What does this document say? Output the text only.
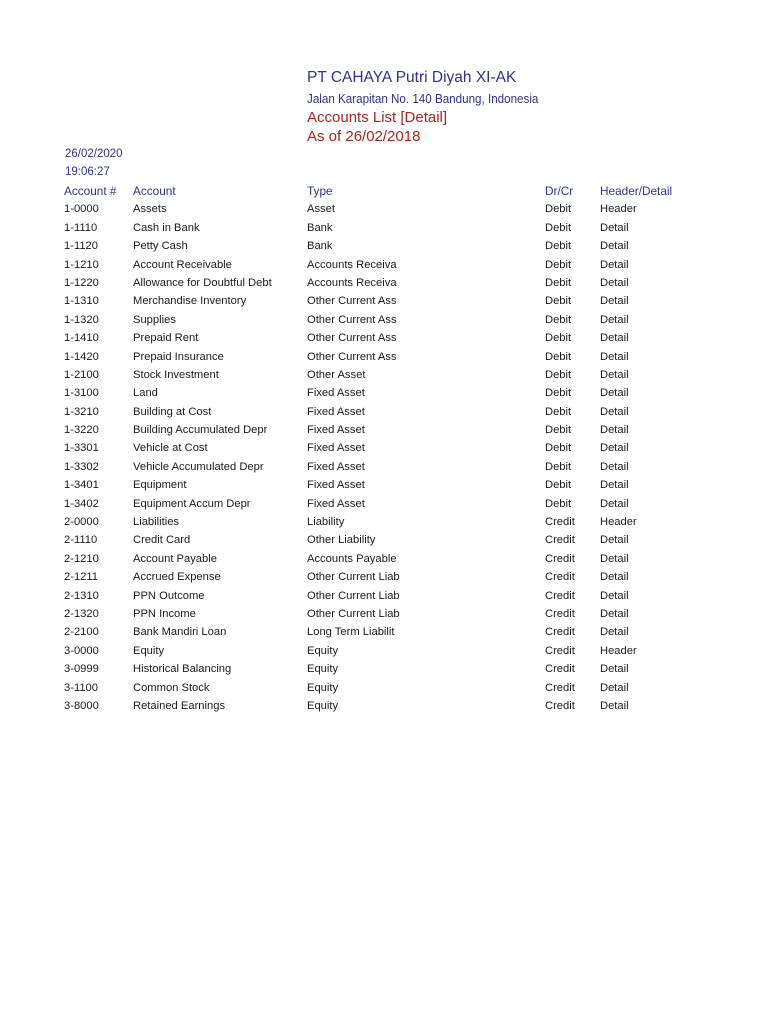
PT CAHAYA Putri Diyah XI-AK
Jalan Karapitan No. 140 Bandung, Indonesia
Accounts List [Detail]
As of 26/02/2018
26/02/2020
19:06:27
Account # Account	Type	Dr/Cr Header/Detail
1-0000	Assets	Asset	Debit	Header
1-1110	Cash in Bank	Bank	Debit	Detail
1-1120	Petty Cash	Bank	Debit	Detail
1-1210	Account Receivable	Accounts Receiva	Debit	Detail
1-1220	Allowance for Doubtful Debt	Accounts Receiva	Debit	Detail
1-1310	Merchandise Inventory	Other Current Ass	Debit	Detail
1-1320	Supplies	Other Current Ass	Debit	Detail
1-1410	Prepaid Rent	Other Current Ass	Debit	Detail
1-1420	Prepaid Insurance	Other Current Ass	Debit	Detail
1-2100	Stock Investment	Other Asset	Debit	Detail
1-3100	Land	Fixed Asset	Debit	Detail
1-3210	Building at Cost	Fixed Asset	Debit	Detail
1-3220	Building Accumulated Depr	Fixed Asset	Debit	Detail
1-3301	Vehicle at Cost	Fixed Asset	Debit	Detail
1-3302	Vehicle Accumulated Depr	Fixed Asset	Debit	Detail
1-3401	Equipment	Fixed Asset	Debit	Detail
1-3402	Equipment Accum Depr	Fixed Asset	Debit	Detail
2-0000	Liabilities	Liability	Credit Header
2-1110	Credit Card	Other Liability	Credit Detail
2-1210	Account Payable	Accounts Payable	Credit Detail
2-1211	Accrued Expense	Other Current Liab	Credit Detail
2-1310	PPN Outcome	Other Current Liab	Credit Detail
2-1320	PPN Income	Other Current Liab	Credit Detail
2-2100	Bank Mandiri Loan	Long Term Liabilit	Credit Detail
3-0000	Equity	Equity	Credit Header
3-0999	Historical Balancing	Equity	Credit Detail
3-1100	Common Stock	Equity	Credit Detail
3-8000	Retained Earnings	Equity	Credit Detail
